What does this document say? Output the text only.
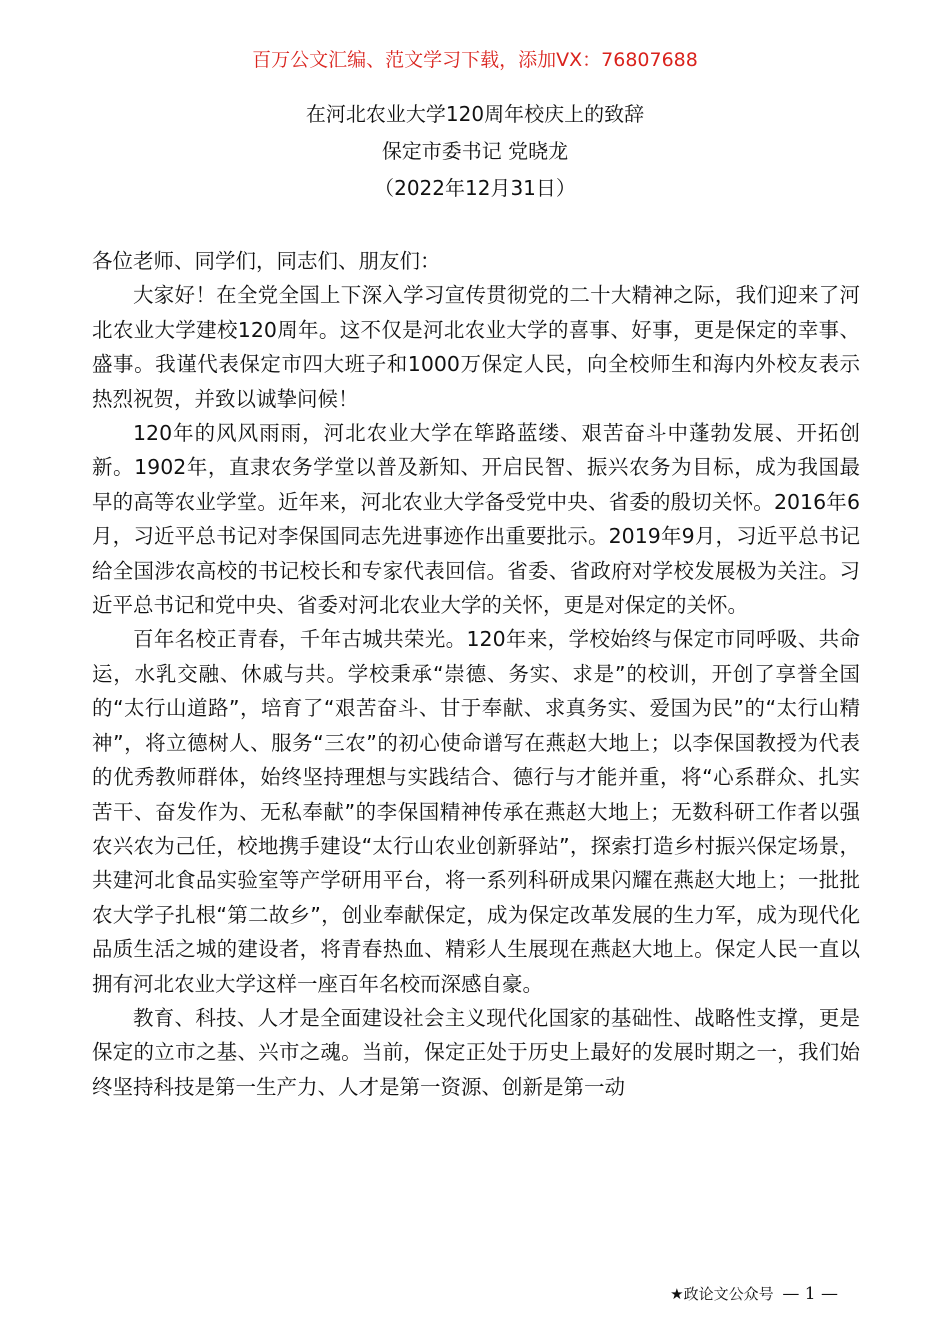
百万公文汇编、范文学习下载，添加VX：76807688
在河北农业大学120周年校庆上的致辞
保定市委书记 党晓龙
（2022年12月31日）

各位老师、同学们，同志们、朋友们：

大家好！在全党全国上下深入学习宣传贯彻党的二十大精神之际，我们迎来了河北农业大学建校120周年。这不仅是河北农业大学的喜事、好事，更是保定的幸事、盛事。我谨代表保定市四大班子和1000万保定人民，向全校师生和海内外校友表示热烈祝贺，并致以诚挚问候！

120年的风风雨雨，河北农业大学在筚路蓝缕、艰苦奋斗中蓬勃发展、开拓创新。1902年，直隶农务学堂以普及新知、开启民智、振兴农务为目标，成为我国最早的高等农业学堂。近年来，河北农业大学备受党中央、省委的殷切关怀。2016年6月，习近平总书记对李保国同志先进事迹作出重要批示。2019年9月，习近平总书记给全国涉农高校的书记校长和专家代表回信。省委、省政府对学校发展极为关注。习近平总书记和党中央、省委对河北农业大学的关怀，更是对保定的关怀。

百年名校正青春，千年古城共荣光。120年来，学校始终与保定市同呼吸、共命运，水乳交融、休戚与共。学校秉承“崇德、务实、求是”的校训，开创了享誉全国的“太行山道路”，培育了“艰苦奋斗、甘于奉献、求真务实、爱国为民”的“太行山精神”，将立德树人、服务“三农”的初心使命谱写在燕赵大地上；以李保国教授为代表的优秀教师群体，始终坚持理想与实践结合、德行与才能并重，将“心系群众、扎实苦干、奋发作为、无私奉献”的李保国精神传承在燕赵大地上；无数科研工作者以强农兴农为己任，校地携手建设“太行山农业创新驿站”，探索打造乡村振兴保定场景，共建河北食品实验室等产学研用平台，将一系列科研成果闪耀在燕赵大地上；一批批农大学子扎根“第二故乡”，创业奉献保定，成为保定改革发展的生力军，成为现代化品质生活之城的建设者，将青春热血、精彩人生展现在燕赵大地上。保定人民一直以拥有河北农业大学这样一座百年名校而深感自豪。

教育、科技、人才是全面建设社会主义现代化国家的基础性、战略性支撑，更是保定的立市之基、兴市之魂。当前，保定正处于历史上最好的发展时期之一，我们始终坚持科技是第一生产力、人才是第一资源、创新是第一动

★政论文公众号 — 1 —
